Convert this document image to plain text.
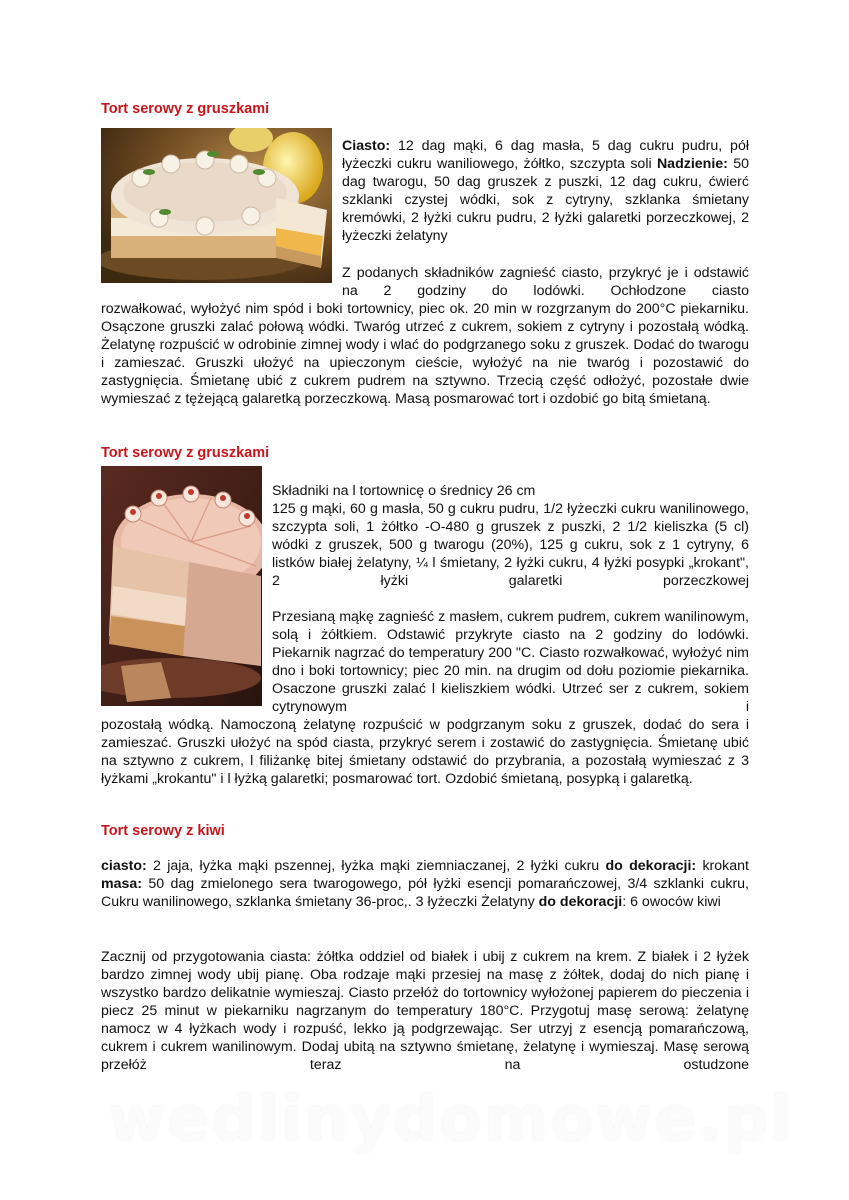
Tort serowy z gruszkami
Ciasto: 12 dag mąki, 6 dag masła, 5 dag cukru pudru, pół łyżeczki cukru waniliowego, żółtko, szczypta soli Nadzienie: 50 dag twarogu, 50 dag gruszek z puszki, 12 dag cukru, ćwierć szklanki czystej wódki, sok z cytryny, szklanka śmietany kremówki, 2 łyżki cukru pudru, 2 łyżki galaretki porzeczkowej, 2 łyżeczki żelatyny

Z podanych składników zagnieść ciasto, przykryć je i odstawić na 2 godziny do lodówki. Ochłodzone ciasto

rozwałkować, wyłożyć nim spód i boki tortownicy, piec ok. 20 min w rozgrzanym do 200°C piekarniku. Osączone gruszki zalać połową wódki. Twaróg utrzeć z cukrem, sokiem z cytryny i pozostałą wódką. Żelatynę rozpuścić w odrobinie zimnej wody i wlać do podgrzanego soku z gruszek. Dodać do twarogu i zamieszać. Gruszki ułożyć na upieczonym cieście, wyłożyć na nie twaróg i pozostawić do zastygnięcia. Śmietanę ubić z cukrem pudrem na sztywno. Trzecią część odłożyć, pozostałe dwie wymieszać z tężejącą galaretką porzeczkową. Masą posmarować tort i ozdobić go bitą śmietaną.

Tort serowy z gruszkami

Składniki na l tortownicę o średnicy 26 cm

125 g mąki, 60 g masła, 50 g cukru pudru, 1/2 łyżeczki cukru wanilinowego, szczypta soli, 1 żółtko -O-480 g gruszek z puszki, 2 1/2 kieliszka (5 cl) wódki z gruszek, 500 g twarogu (20%), 125 g cukru, sok z 1 cytryny, 6 listków białej żelatyny, ¼ l śmietany, 2 łyżki cukru, 4 łyżki posypki „krokant", 2 łyżki galaretki porzeczkowej

Przesianą mąkę zagnieść z masłem, cukrem pudrem, cukrem wanilinowym, solą i żółtkiem. Odstawić przykryte ciasto na 2 godziny do lodówki. Piekarnik nagrzać do temperatury 200 "C. Ciasto rozwałkować, wyłożyć nim dno i boki tortownicy; piec 20 min. na drugim od dołu poziomie piekarnika. Osaczone gruszki zalać l kieliszkiem wódki. Utrzeć ser z cukrem, sokiem cytrynowym i

pozostałą wódką. Namoczoną żelatynę rozpuścić w podgrzanym soku z gruszek, dodać do sera i zamieszać. Gruszki ułożyć na spód ciasta, przykryć serem i zostawić do zastygnięcia. Śmietanę ubić na sztywno z cukrem, l filiżankę bitej śmietany odstawić do przybrania, a pozostałą wymieszać z 3 łyżkami „krokantu" i l łyżką galaretki; posmarować tort. Ozdobić śmietaną, posypką i galaretką.

Tort serowy z kiwi
ciasto: 2 jaja, łyżka mąki pszennej, łyżka mąki ziemniaczanej, 2 łyżki cukru do dekoracji: krokant masa: 50 dag zmielonego sera twarogowego, pół łyżki esencji pomarańczowej, 3/4 szklanki cukru, Cukru wanilinowego, szklanka śmietany 36-proc,. 3 łyżeczki Żelatyny do dekoracji: 6 owoców kiwi

Zacznij od przygotowania ciasta: żółtka oddziel od białek i ubij z cukrem na krem. Z białek i 2 łyżek bardzo zimnej wody ubij pianę. Oba rodzaje mąki przesiej na masę z żółtek, dodaj do nich pianę i wszystko bardzo delikatnie wymieszaj. Ciasto przełóż do tortownicy wyłożonej papierem do pieczenia i piecz 25 minut w piekarniku nagrzanym do temperatury 180°C. Przygotuj masę serową: żelatynę namocz w 4 łyżkach wody i rozpuść, lekko ją podgrzewając. Ser utrzyj z esencją pomarańczową, cukrem i cukrem wanilinowym. Dodaj ubitą na sztywno śmietanę, żelatynę i wymieszaj. Masę serową przełóż teraz na ostudzone

wedlinydomowe.pl
